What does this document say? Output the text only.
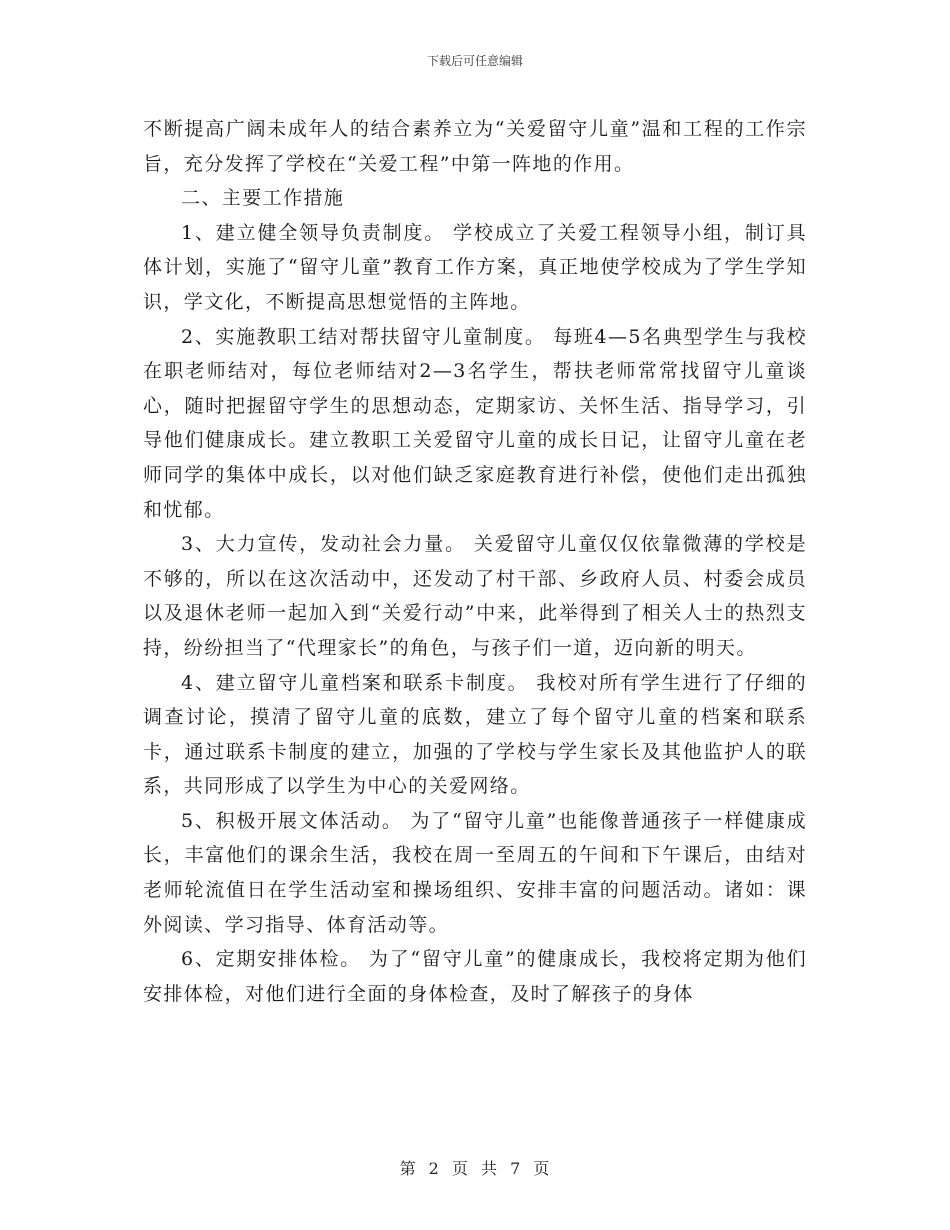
下载后可任意编辑

不断提高广阔未成年人的结合素养立为“关爱留守儿童”温和工程的工作宗旨，充分发挥了学校在“关爱工程”中第一阵地的作用。

二、主要工作措施

1、建立健全领导负责制度。 学校成立了关爱工程领导小组，制订具体计划，实施了“留守儿童”教育工作方案，真正地使学校成为了学生学知识，学文化，不断提高思想觉悟的主阵地。

2、实施教职工结对帮扶留守儿童制度。 每班4—5名典型学生与我校在职老师结对，每位老师结对2—3名学生，帮扶老师常常找留守儿童谈心，随时把握留守学生的思想动态，定期家访、关怀生活、指导学习，引导他们健康成长。建立教职工关爱留守儿童的成长日记，让留守儿童在老师同学的集体中成长，以对他们缺乏家庭教育进行补偿，使他们走出孤独和忧郁。

3、大力宣传，发动社会力量。 关爱留守儿童仅仅依靠微薄的学校是不够的，所以在这次活动中，还发动了村干部、乡政府人员、村委会成员以及退休老师一起加入到“关爱行动”中来，此举得到了相关人士的热烈支持，纷纷担当了“代理家长”的角色，与孩子们一道，迈向新的明天。

4、建立留守儿童档案和联系卡制度。 我校对所有学生进行了仔细的调查讨论，摸清了留守儿童的底数，建立了每个留守儿童的档案和联系卡，通过联系卡制度的建立，加强的了学校与学生家长及其他监护人的联系，共同形成了以学生为中心的关爱网络。

5、积极开展文体活动。 为了“留守儿童”也能像普通孩子一样健康成长，丰富他们的课余生活，我校在周一至周五的午间和下午课后，由结对老师轮流值日在学生活动室和操场组织、安排丰富的问题活动。诸如：课外阅读、学习指导、体育活动等。

6、定期安排体检。 为了“留守儿童”的健康成长，我校将定期为他们安排体检，对他们进行全面的身体检查，及时了解孩子的身体

第 2 页 共 7 页
